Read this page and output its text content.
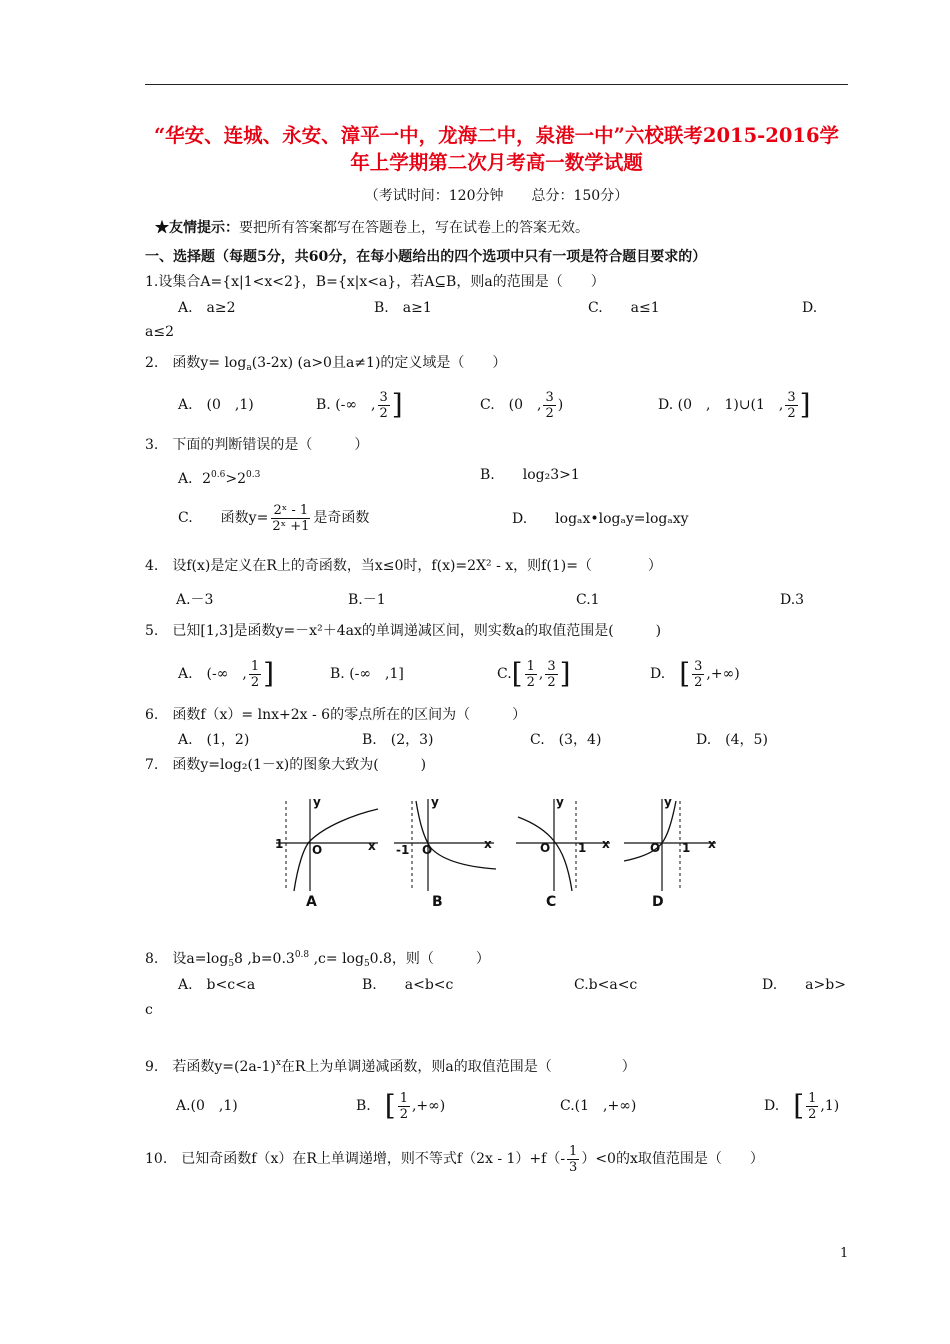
“华安、连城、永安、漳平一中，龙海二中，泉港一中”六校联考2015-2016学年上学期第二次月考高一数学试题
（考试时间：120分钟　　总分：150分）
★友情提示：要把所有答案都写在答题卷上，写在试卷上的答案无效。
一、选择题（每题5分，共60分，在每小题给出的四个选项中只有一项是符合题目要求的）
1.设集合A={x|1<x<2}，B={x|x<a}，若A⊆B，则a的范围是（　　）
A.　a≥2	B.　a≥1	C.　　a≤1	D.
a≤2
2.　函数$y= \log_a(3-2x)$ (a>0且a≠1)的定义域是（　　）
A.　(0　,1)	B. (-∞　, $\frac{3}{2}$ ]	C.　(0　, $\frac{3}{2}$ )	D. (0　,　1)∪(1　, $\frac{3}{2}$ ]
3.　下面的判断错误的是（　　　）
A．$2^{0.6}>2^{0.3}$	B.　　log₂3>1
C.　　函数$y= \frac{\text{2ˣ - 1}}{\text{2ˣ +1}}$ 是奇函数	D.　　logₐx•logₐy=logₐxy
4.　设f(x)是定义在R上的奇函数，当x≤0时，f(x)=2X² - x，则f(1)=（　　　　）
A.－3	B.－1	C.1	D.3
5.　已知[1,3]是函数y=－x²＋4ax的单调递减区间，则实数a的取值范围是(　　　)
A.　(-∞　, $\frac{1}{2}$ ]	B. (-∞　,1]	$C.[ \frac{1}{2}$ , $\frac{3}{2}$ ]	D.　 [ $\frac{3}{2}$ ,+∞)
6.　函数f（x）= lnx+2x - 6的零点所在的区间为（　　　）
A.　(1，2)	B.　(2，3)	C.　(3，4)	D.　(4，5)
7.　函数y=log₂(1－x)的图象大致为(　　　)
y
x
O
1
A
y
x
O
-1
B
y
x
O 1
C
y
x
O 1
D
8.　设$a=\log_58$ $,b=0.3^{0.8}$ $,c= \log_50.8$，则（　　　）
A.　b<c<a	B.　　a<b<c	C.b<a<c	D.　　a>b>
c
9.　若函数$y=(2a-1)^x$在R上为单调递减函数，则a的取值范围是（　　　　　）
A.(0　,1)	B.　 [ $\frac{1}{2}$ ,+∞)	C.(1　,+∞)	D.　 [ $\frac{1}{2} ,1$)
10.　已知奇函数f（x）在R上单调递增，则不等式$f(2x - 1)+f(- \frac{1}{3} )<0$的x取值范围是（　　）
1
